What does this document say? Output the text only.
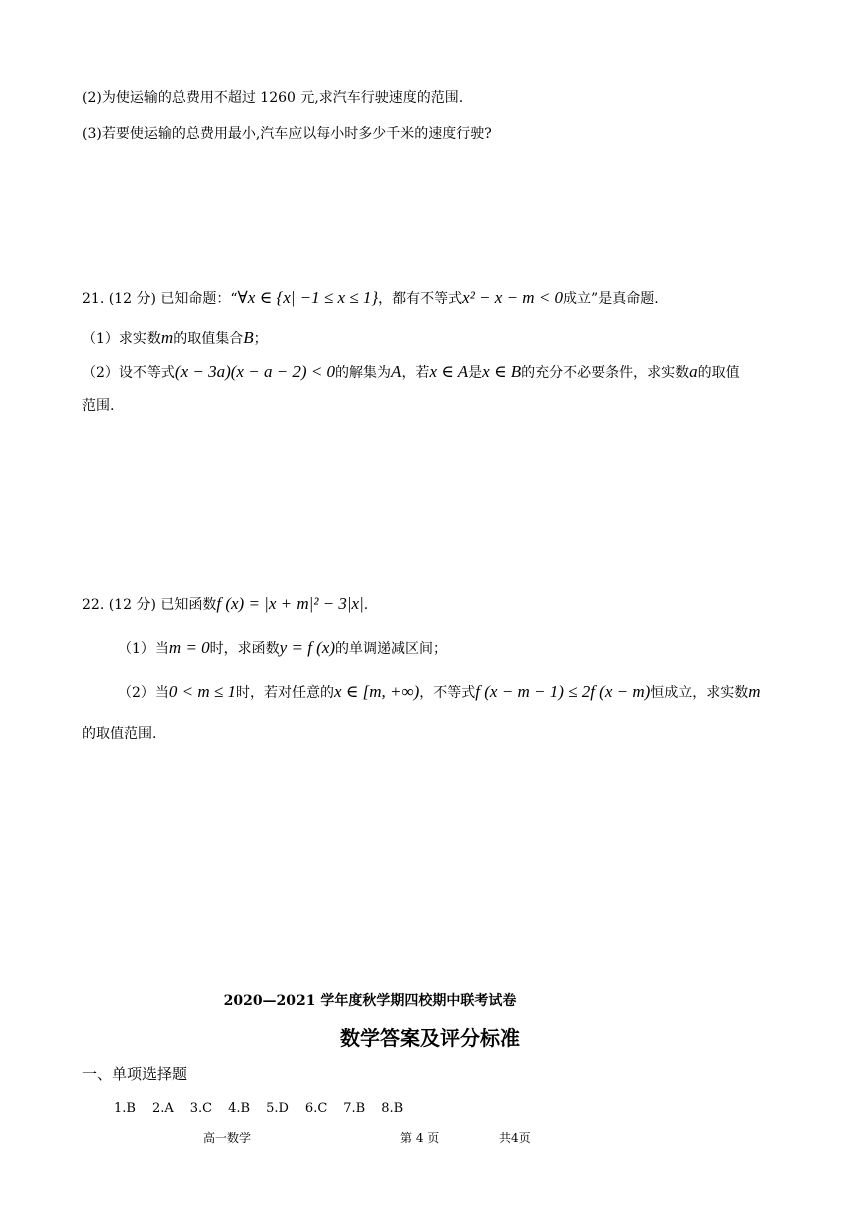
(2)为使运输的总费用不超过 1260 元,求汽车行驶速度的范围.
(3)若要使运输的总费用最小,汽车应以每小时多少千米的速度行驶?
21. (12 分) 已知命题：“∀x ∈ {x| −1 ≤ x ≤ 1}，都有不等式x² − x − m < 0成立”是真命题.
（1）求实数m的取值集合B；
（2）设不等式(x − 3a)(x − a − 2) < 0的解集为A，若x ∈ A是x ∈ B的充分不必要条件，求实数a的取值
范围.
22. (12 分) 已知函数f (x) = |x + m|² − 3|x|.
（1）当m = 0时，求函数y = f (x)的单调递减区间；
（2）当0 < m ≤ 1时，若对任意的x ∈ [m, +∞)，不等式f (x − m − 1) ≤ 2f (x − m)恒成立，求实数m
的取值范围.
2020—2021 学年度秋学期四校期中联考试卷
数学答案及评分标准
一、单项选择题
1.B 2.A 3.C 4.B 5.D 6.C 7.B 8.B
高一数学	第 4 页	共4页
